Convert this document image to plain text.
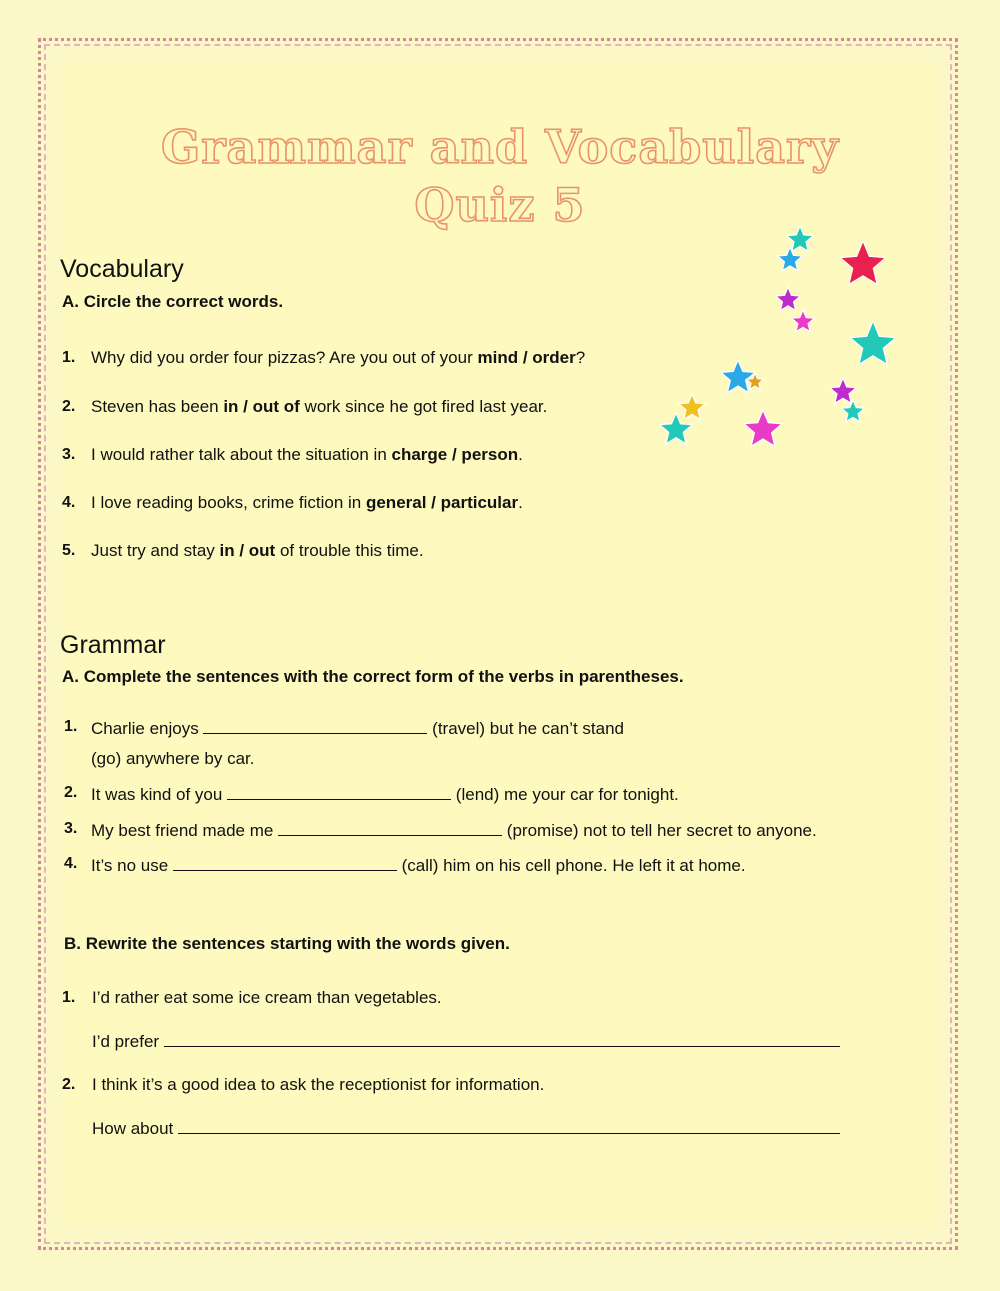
Grammar and Vocabulary
Quiz 5
Vocabulary
A. Circle the correct words.
1. Why did you order four pizzas? Are you out of your mind / order?
2. Steven has been in / out of work since he got fired last year.
3. I would rather talk about the situation in charge / person.
4. I love reading books, crime fiction in general / particular.
5. Just try and stay in / out of trouble this time.
Grammar
A. Complete the sentences with the correct form of the verbs in parentheses.
1. Charlie enjoys	(travel) but he can’t stand
(go) anywhere by car.
2. It was kind of you	(lend) me your car for tonight.
3. My best friend made me	(promise) not to tell her secret to anyone.
4. It’s no use	(call) him on his cell phone. He left it at home.
B. Rewrite the sentences starting with the words given.
1. I’d rather eat some ice cream than vegetables.
I’d prefer
2. I think it’s a good idea to ask the receptionist for information.
How about
